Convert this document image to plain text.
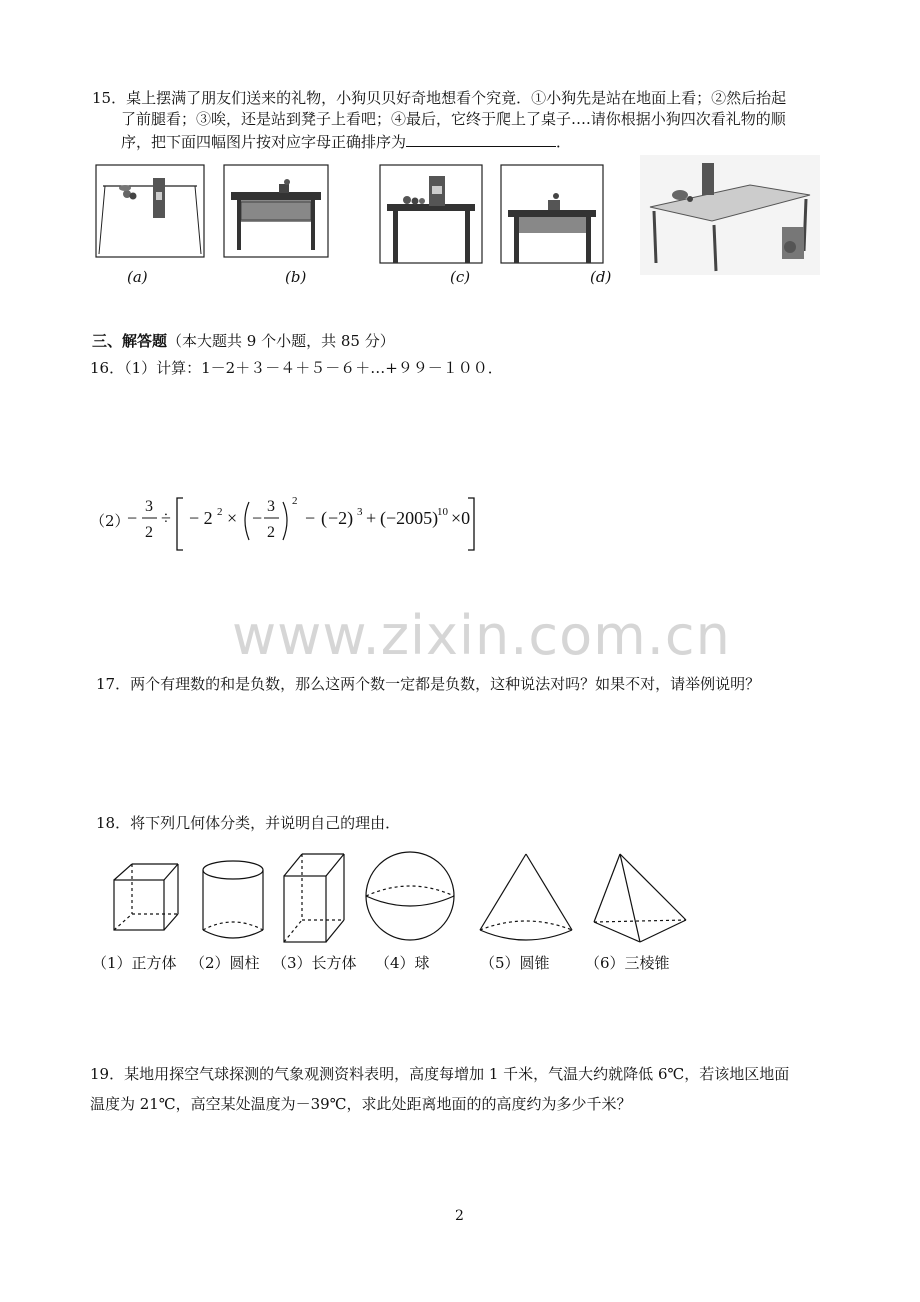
15．桌上摆满了朋友们送来的礼物，小狗贝贝好奇地想看个究竟．①小狗先是站在地面上看；②然后抬起
了前腿看；③唉，还是站到凳子上看吧；④最后，它终于爬上了桌子….请你根据小狗四次看礼物的顺
序，把下面四幅图片按对应字母正确排序为	．
(a)	(b)	(c)	(d)
三、解答题（本大题共 9 个小题，共 85 分）
16．（1）计算：1－2＋３－４＋５－６＋…+９９－１００．
（2）
−
3
2
÷ − 2 2 × −
3
2
2
− ( −2) 3 + (−2005)
10 ×0
www.zixin.com.cn
17．两个有理数的和是负数，那么这两个数一定都是负数，这种说法对吗？如果不对，请举例说明？
18．将下列几何体分类，并说明自己的理由．
（1）正方体 （2）圆柱 （3）长方体 （4）球	（5）圆锥 （6）三棱锥
19．某地用探空气球探测的气象观测资料表明，高度每增加 1 千米，气温大约就降低 6℃，若该地区地面
温度为 21℃，高空某处温度为－39℃，求此处距离地面的的高度约为多少千米？
2
